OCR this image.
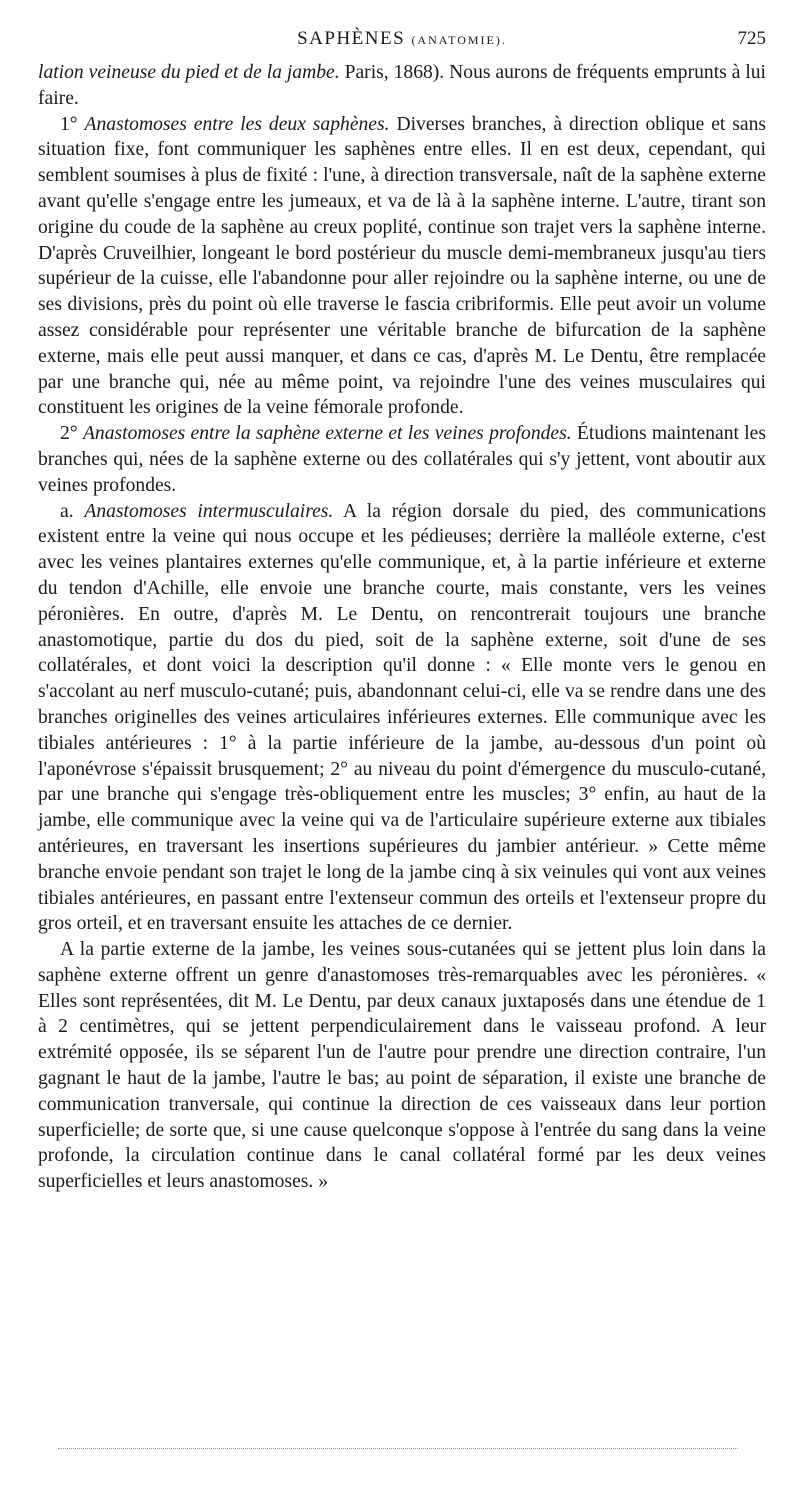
SAPHÈNES (ANATOMIE).	725

lation veineuse du pied et de la jambe. Paris, 1868). Nous aurons de fréquents emprunts à lui faire.

1° Anastomoses entre les deux saphènes. Diverses branches, à direction oblique et sans situation fixe, font communiquer les saphènes entre elles. Il en est deux, cependant, qui semblent soumises à plus de fixité : l'une, à direction transversale, naît de la saphène externe avant qu'elle s'engage entre les jumeaux, et va de là à la saphène interne. L'autre, tirant son origine du coude de la saphène au creux poplité, continue son trajet vers la saphène interne. D'après Cruveilhier, longeant le bord postérieur du muscle demi-membraneux jusqu'au tiers supérieur de la cuisse, elle l'abandonne pour aller rejoindre ou la saphène interne, ou une de ses divisions, près du point où elle traverse le fascia cribriformis. Elle peut avoir un volume assez considérable pour représenter une véritable branche de bifurcation de la saphène externe, mais elle peut aussi manquer, et dans ce cas, d'après M. Le Dentu, être remplacée par une branche qui, née au même point, va rejoindre l'une des veines musculaires qui constituent les origines de la veine fémorale profonde.

2° Anastomoses entre la saphène externe et les veines profondes. Étudions maintenant les branches qui, nées de la saphène externe ou des collatérales qui s'y jettent, vont aboutir aux veines profondes.

a. Anastomoses intermusculaires. A la région dorsale du pied, des communications existent entre la veine qui nous occupe et les pédieuses; derrière la malléole externe, c'est avec les veines plantaires externes qu'elle communique, et, à la partie inférieure et externe du tendon d'Achille, elle envoie une branche courte, mais constante, vers les veines péronières. En outre, d'après M. Le Dentu, on rencontrerait toujours une branche anastomotique, partie du dos du pied, soit de la saphène externe, soit d'une de ses collatérales, et dont voici la description qu'il donne : « Elle monte vers le genou en s'accolant au nerf musculo-cutané; puis, abandonnant celui-ci, elle va se rendre dans une des branches originelles des veines articulaires inférieures externes. Elle communique avec les tibiales antérieures : 1° à la partie inférieure de la jambe, au-dessous d'un point où l'aponévrose s'épaissit brusquement; 2° au niveau du point d'émergence du musculo-cutané, par une branche qui s'engage très-obliquement entre les muscles; 3° enfin, au haut de la jambe, elle communique avec la veine qui va de l'articulaire supérieure externe aux tibiales antérieures, en traversant les insertions supérieures du jambier antérieur. » Cette même branche envoie pendant son trajet le long de la jambe cinq à six veinules qui vont aux veines tibiales antérieures, en passant entre l'extenseur commun des orteils et l'extenseur propre du gros orteil, et en traversant ensuite les attaches de ce dernier.

A la partie externe de la jambe, les veines sous-cutanées qui se jettent plus loin dans la saphène externe offrent un genre d'anastomoses très-remarquables avec les péronières. « Elles sont représentées, dit M. Le Dentu, par deux canaux juxtaposés dans une étendue de 1 à 2 centimètres, qui se jettent perpendiculairement dans le vaisseau profond. A leur extrémité opposée, ils se séparent l'un de l'autre pour prendre une direction contraire, l'un gagnant le haut de la jambe, l'autre le bas; au point de séparation, il existe une branche de communication tranversale, qui continue la direction de ces vaisseaux dans leur portion superficielle; de sorte que, si une cause quelconque s'oppose à l'entrée du sang dans la veine profonde, la circulation continue dans le canal collatéral formé par les deux veines superficielles et leurs anastomoses. »
